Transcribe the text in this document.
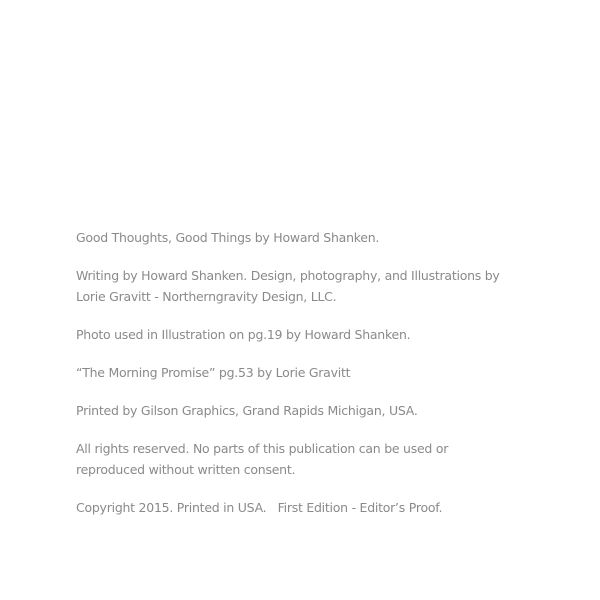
Good Thoughts, Good Things by Howard Shanken.
Writing by Howard Shanken. Design, photography, and Illustrations by
Lorie Gravitt - Northerngravity Design, LLC.
Photo used in Illustration on pg.19 by Howard Shanken.
“The Morning Promise” pg.53 by Lorie Gravitt
Printed by Gilson Graphics, Grand Rapids Michigan, USA.
All rights reserved. No parts of this publication can be used or
reproduced without written consent.
Copyright 2015. Printed in USA.   First Edition - Editor’s Proof.
